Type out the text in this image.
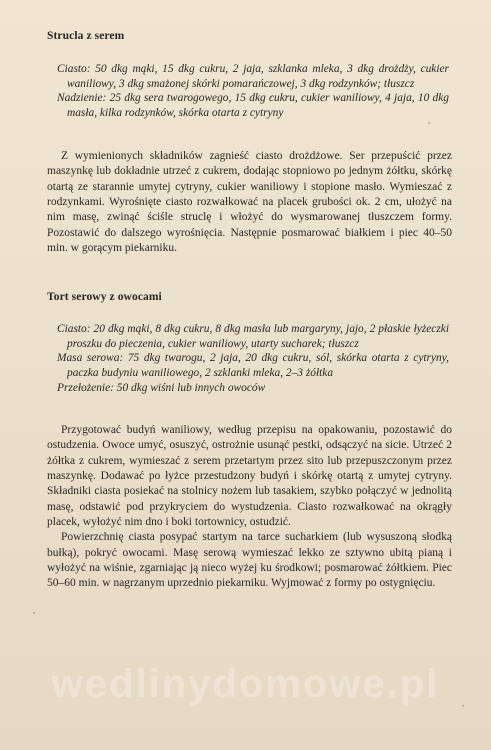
Strucla z serem

Ciasto: 50 dkg mąki, 15 dkg cukru, 2 jaja, szklanka mleka, 3 dkg drożdży, cukier waniliowy, 3 dkg smażonej skórki pomarańczowej, 3 dkg rodzynków; tłuszcz

Nadzienie: 25 dkg sera twarogowego, 15 dkg cukru, cukier waniliowy, 4 jaja, 10 dkg masła, kilka rodzynków, skórka otarta z cytryny

Z wymienionych składników zagnieść ciasto drożdżowe. Ser przepuścić przez maszynkę lub dokładnie utrzeć z cukrem, dodając stopniowo po jednym żółtku, skórkę otartą ze starannie umytej cytryny, cukier waniliowy i stopione masło. Wymieszać z rodzynkami. Wyrośnięte ciasto rozwałkować na placek grubości ok. 2 cm, ułożyć na nim masę, zwinąć ściśle struclę i włożyć do wysmarowanej tłuszczem formy. Pozostawić do dalszego wyrośnięcia. Następnie posmarować białkiem i piec 40–50 min. w gorącym piekarniku.

Tort serowy z owocami

Ciasto: 20 dkg mąki, 8 dkg cukru, 8 dkg masła lub margaryny, jajo, 2 płaskie łyżeczki proszku do pieczenia, cukier waniliowy, utarty sucharek; tłuszcz

Masa serowa: 75 dkg twarogu, 2 jaja, 20 dkg cukru, sól, skórka otarta z cytryny, paczka budyniu waniliowego, 2 szklanki mleka, 2–3 żółtka

Przełożenie: 50 dkg wiśni lub innych owoców

Przygotować budyń waniliowy, według przepisu na opakowaniu, pozostawić do ostudzenia. Owoce umyć, osuszyć, ostrożnie usunąć pestki, odsączyć na sicie. Utrzeć 2 żółtka z cukrem, wymieszać z serem przetartym przez sito lub przepuszczonym przez maszynkę. Dodawać po łyżce przestudzony budyń i skórkę otartą z umytej cytryny. Składniki ciasta posiekać na stolnicy nożem lub tasakiem, szybko połączyć w jednolitą masę, odstawić pod przykryciem do wystudzenia. Ciasto rozwałkować na okrągły placek, wyłożyć nim dno i boki tortownicy, ostudzić.

Powierzchnię ciasta posypać startym na tarce sucharkiem (lub wysuszoną słodką bułką), pokryć owocami. Masę serową wymieszać lekko ze sztywno ubitą pianą i wyłożyć na wiśnie, zgarniając ją nieco wyżej ku środkowi; posmarować żółtkiem. Piec 50–60 min. w nagrzanym uprzednio piekarniku. Wyjmować z formy po ostygnięciu.

wedlinydomowe.pl
